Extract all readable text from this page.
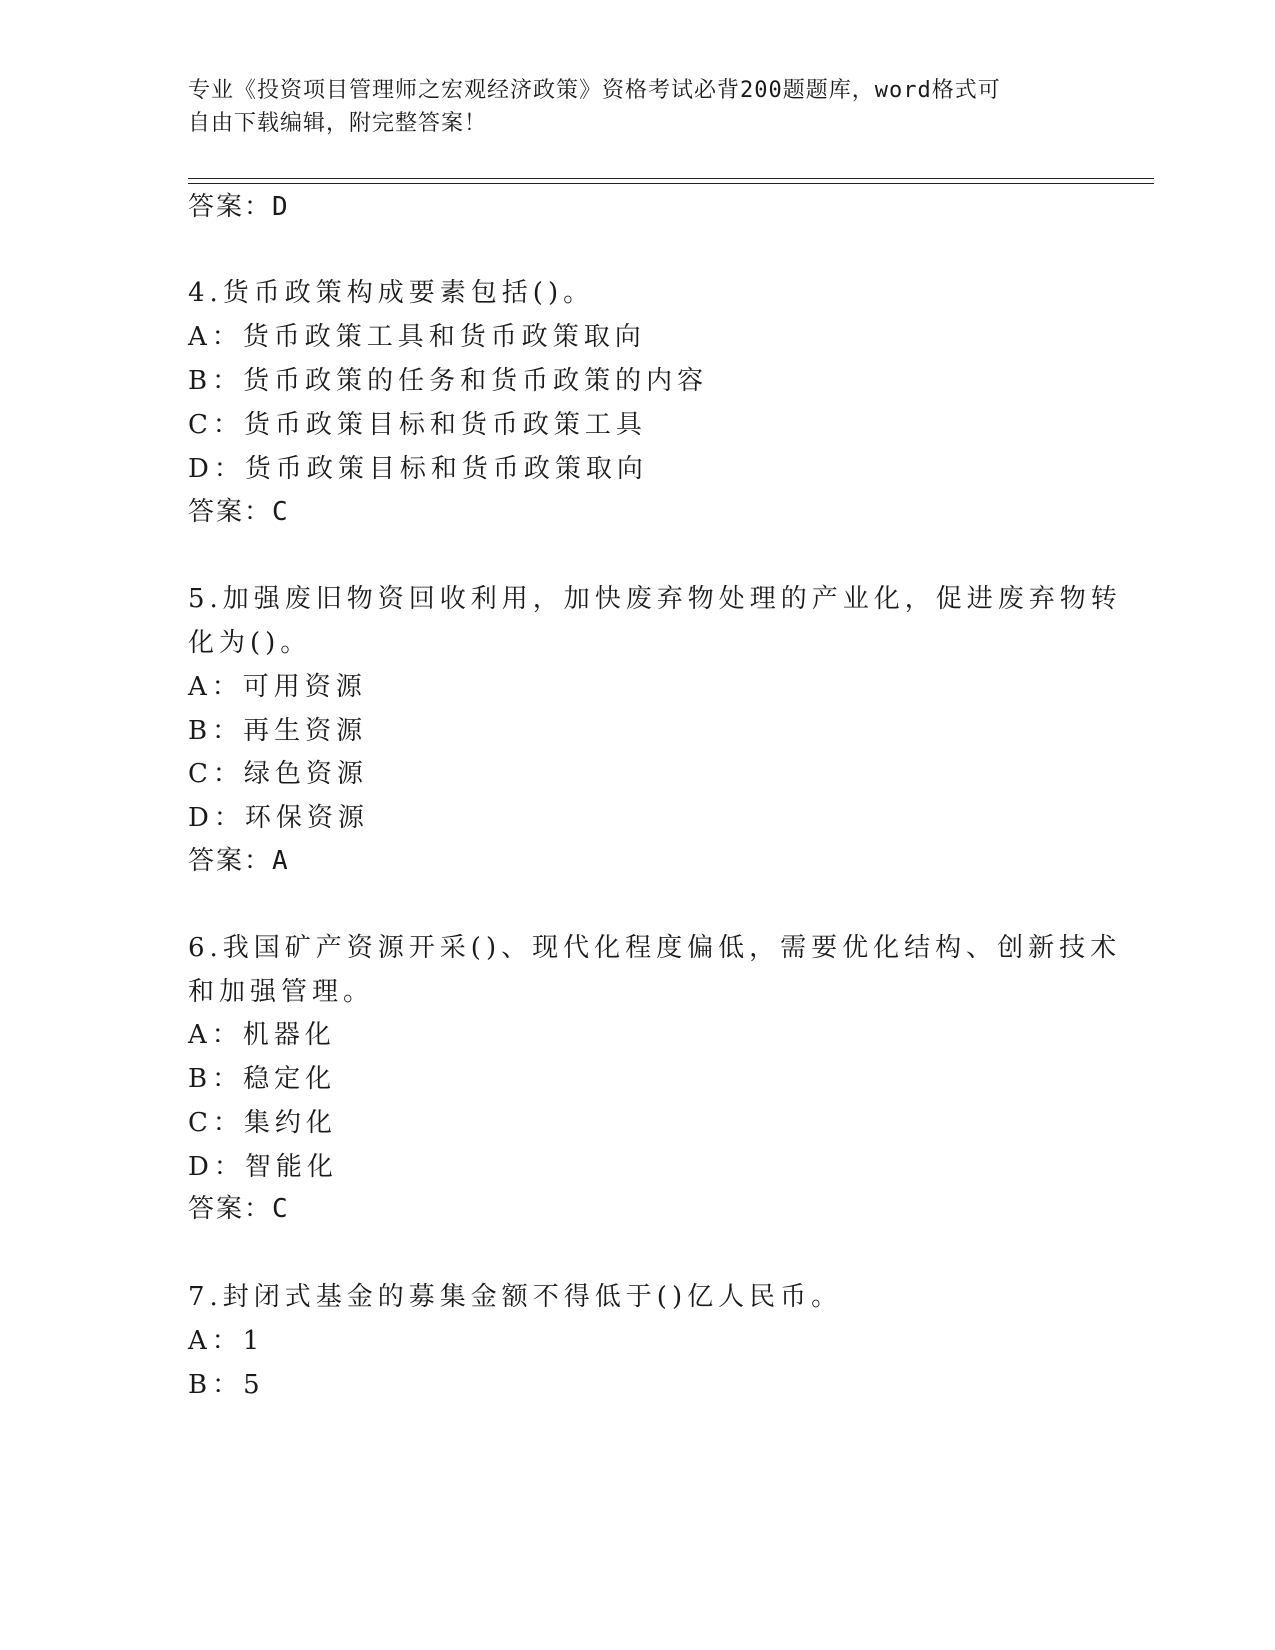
专业《投资项目管理师之宏观经济政策》资格考试必背200题题库，word格式可
自由下载编辑，附完整答案！
答案：D
4.货币政策构成要素包括()。
A：货币政策工具和货币政策取向
B：货币政策的任务和货币政策的内容
C：货币政策目标和货币政策工具
D：货币政策目标和货币政策取向
答案：C
5.加强废旧物资回收利用，加快废弃物处理的产业化，促进废弃物转
化为()。
A：可用资源
B：再生资源
C：绿色资源
D：环保资源
答案：A
6.我国矿产资源开采()、现代化程度偏低，需要优化结构、创新技术
和加强管理。
A：机器化
B：稳定化
C：集约化
D：智能化
答案：C
7.封闭式基金的募集金额不得低于()亿人民币。
A：1
B：5
